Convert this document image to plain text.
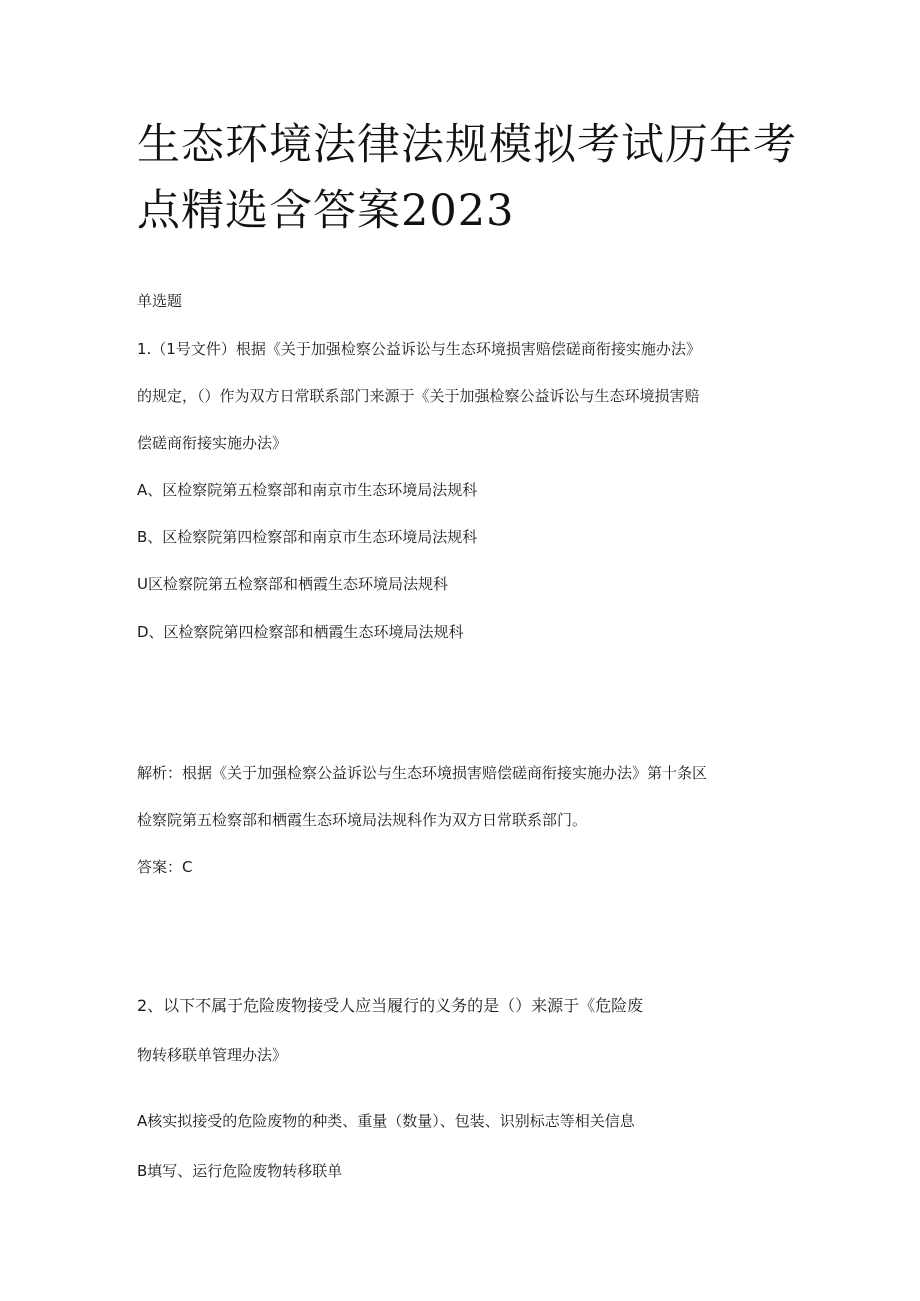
生态环境法律法规模拟考试历年考
点精选含答案2023
单选题
1.（1号文件）根据《关于加强检察公益诉讼与生态环境损害赔偿磋商衔接实施办法》
的规定，（）作为双方日常联系部门来源于《关于加强检察公益诉讼与生态环境损害赔
偿磋商衔接实施办法》
A、区检察院第五检察部和南京市生态环境局法规科
B、区检察院第四检察部和南京市生态环境局法规科
U区检察院第五检察部和栖霞生态环境局法规科
D、区检察院第四检察部和栖霞生态环境局法规科
解析：根据《关于加强检察公益诉讼与生态环境损害赔偿磋商衔接实施办法》第十条区
检察院第五检察部和栖霞生态环境局法规科作为双方日常联系部门。
答案：C
2、以下不属于危险废物接受人应当履行的义务的是（）来源于《危险废
物转移联单管理办法》
A核实拟接受的危险废物的种类、重量（数量）、包装、识别标志等相关信息
B填写、运行危险废物转移联单
